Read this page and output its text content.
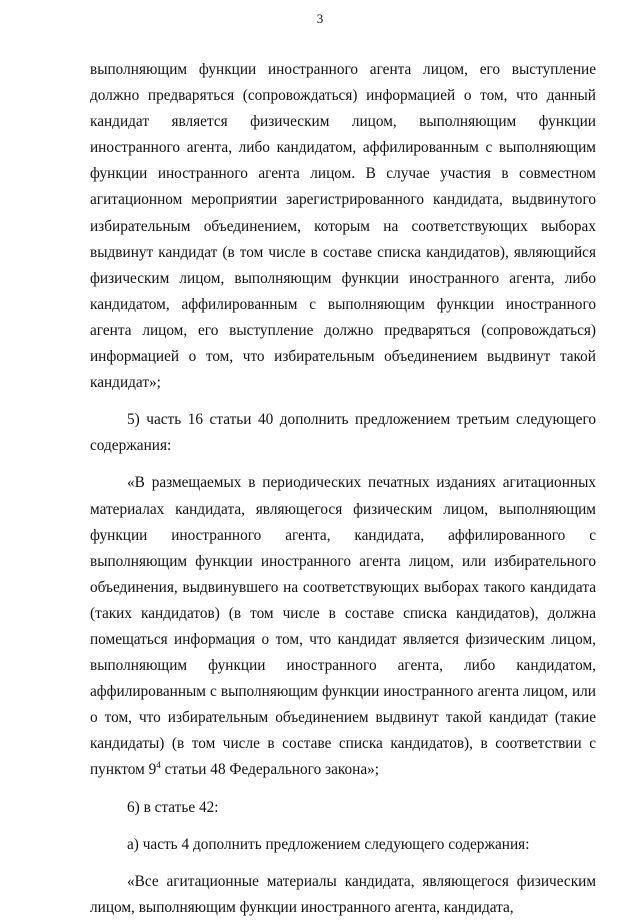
3

выполняющим функции иностранного агента лицом, его выступление должно предваряться (сопровождаться) информацией о том, что данный кандидат является физическим лицом, выполняющим функции иностранного агента, либо кандидатом, аффилированным с выполняющим функции иностранного агента лицом. В случае участия в совместном агитационном мероприятии зарегистрированного кандидата, выдвинутого избирательным объединением, которым на соответствующих выборах выдвинут кандидат (в том числе в составе списка кандидатов), являющийся физическим лицом, выполняющим функции иностранного агента, либо кандидатом, аффилированным с выполняющим функции иностранного агента лицом, его выступление должно предваряться (сопровождаться) информацией о том, что избирательным объединением выдвинут такой кандидат»;

5) часть 16 статьи 40 дополнить предложением третьим следующего содержания:

«В размещаемых в периодических печатных изданиях агитационных материалах кандидата, являющегося физическим лицом, выполняющим функции иностранного агента, кандидата, аффилированного с выполняющим функции иностранного агента лицом, или избирательного объединения, выдвинувшего на соответствующих выборах такого кандидата (таких кандидатов) (в том числе в составе списка кандидатов), должна помещаться информация о том, что кандидат является физическим лицом, выполняющим функции иностранного агента, либо кандидатом, аффилированным с выполняющим функции иностранного агента лицом, или о том, что избирательным объединением выдвинут такой кандидат (такие кандидаты) (в том числе в составе списка кандидатов), в соответствии с пунктом $9^4$ статьи 48 Федерального закона»;

6) в статье 42:

а) часть 4 дополнить предложением следующего содержания:

«Все агитационные материалы кандидата, являющегося физическим лицом, выполняющим функции иностранного агента, кандидата,
